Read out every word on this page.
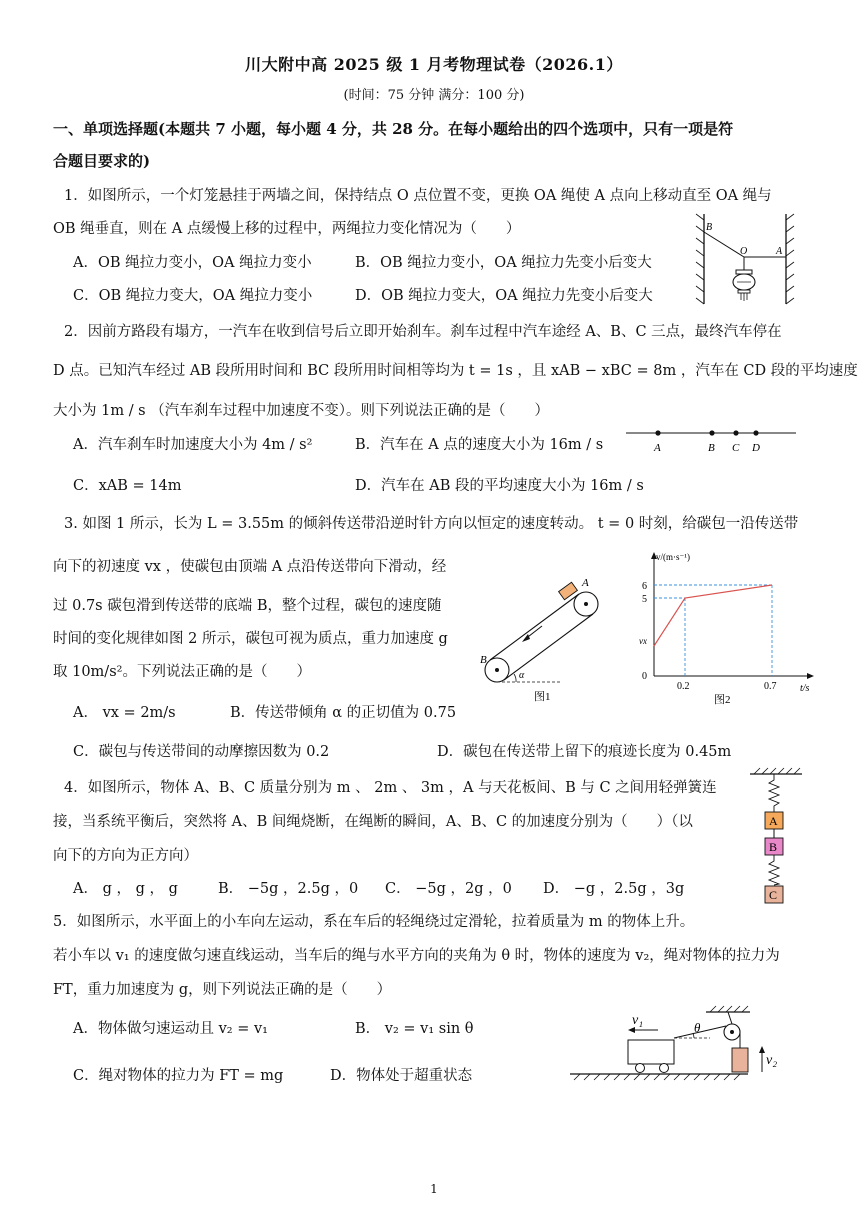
川大附中高 2025 级 1 月考物理试卷（2026.1）
(时间：75 分钟 满分：100 分)
一、单项选择题(本题共 7 小题，每小题 4 分，共 28 分。在每小题给出的四个选项中，只有一项是符
合题目要求的)
1．如图所示，一个灯笼悬挂于两墙之间，保持结点 O 点位置不变，更换 OA 绳使 A 点向上移动直至 OA 绳与
OB 绳垂直，则在 A 点缓慢上移的过程中，两绳拉力变化情况为（　　）
A．OB 绳拉力变小，OA 绳拉力变小	B．OB 绳拉力变小，OA 绳拉力先变小后变大
C．OB 绳拉力变大，OA 绳拉力变小	D．OB 绳拉力变大，OA 绳拉力先变小后变大
B
O	A
2．因前方路段有塌方，一汽车在收到信号后立即开始刹车。刹车过程中汽车途经 A、B、C 三点，最终汽车停在
D 点。已知汽车经过 AB 段所用时间和 BC 段所用时间相等均为 t = 1s ，且 xAB − xBC = 8m ，汽车在 CD 段的平均速度
大小为 1m / s （汽车刹车过程中加速度不变）。则下列说法正确的是（　　）
A．汽车刹车时加速度大小为 4m / s²	B．汽车在 A 点的速度大小为 16m / s
C．xAB = 14m	D．汽车在 AB 段的平均速度大小为 16m / s
A	B C D
3. 如图 1 所示，长为 L = 3.55m 的倾斜传送带沿逆时针方向以恒定的速度转动。 t = 0 时刻，给碳包一沿传送带
向下的初速度 vx ，使碳包由顶端 A 点沿传送带向下滑动，经
过 0.7s 碳包滑到传送带的底端 B，整个过程，碳包的速度随
时间的变化规律如图 2 所示，碳包可视为质点，重力加速度 g
取 10m/s²。下列说法正确的是（　　）
A． vx = 2m/s	B．传送带倾角 α 的正切值为 0.75
C．碳包与传送带间的动摩擦因数为 0.2	D．碳包在传送带上留下的痕迹长度为 0.45m
A
B
α
图1
v/(m·s⁻¹)
t/s
6
5
vx
0
0.2	0.7
图2
4．如图所示，物体 A、B、C 质量分别为 m 、 2m 、 3m ，A 与天花板间、B 与 C 之间用轻弹簧连
接，当系统平衡后，突然将 A、B 间绳烧断，在绳断的瞬间，A、B、C 的加速度分别为（　　）（以
向下的方向为正方向）
A． g ， g ， g	B． −5g ，2.5g ，0 C． −5g ，2g ，0 D． −g ，2.5g ，3g
A
B
C
5．如图所示，水平面上的小车向左运动，系在车后的轻绳绕过定滑轮，拉着质量为 m 的物体上升。
若小车以 v₁ 的速度做匀速直线运动，当车后的绳与水平方向的夹角为 θ 时，物体的速度为 v₂，绳对物体的拉力为
FT，重力加速度为 g，则下列说法正确的是（　　）
A．物体做匀速运动且 v₂ = v₁	B． v₂ = v₁ sin θ
C．绳对物体的拉力为 FT = mg	D．物体处于超重状态
v₁
v₂
θ
1
